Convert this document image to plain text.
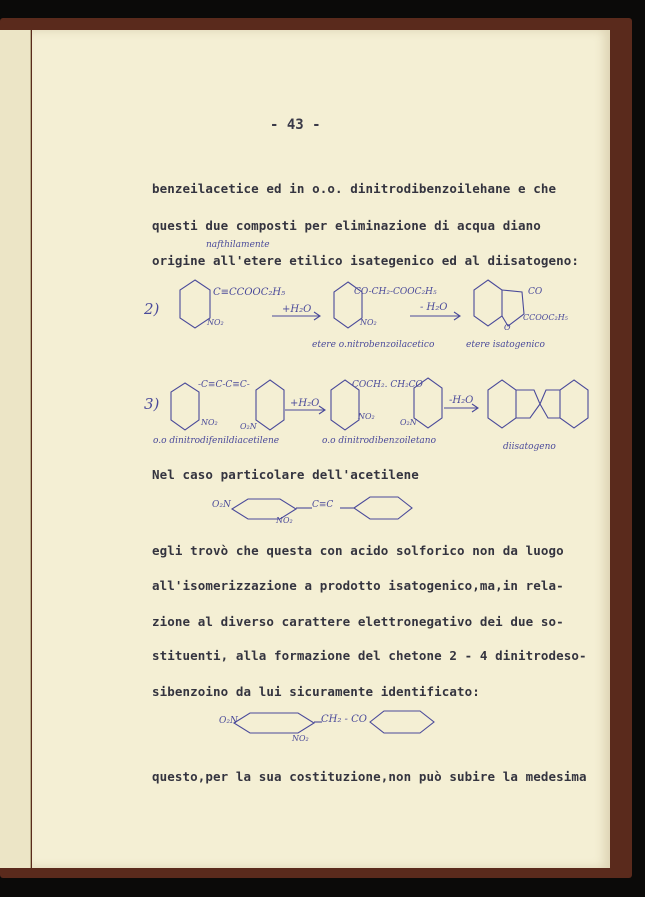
- 43 -
benzeilacetice ed in o.o. dinitrodibenzoilehane e che
questi due composti per eliminazione di acqua diano
nafthilamente
origine all'etere etilico isategenico ed al diisatogeno:
2)
C≡CCOOC₂H₅
NO₂
+H₂O
CO-CH₂-COOC₂H₅
NO₂
- H₂O
CO
CCOOC₂H₅
O
etere o.nitrobenzoilacetico	etere isatogenico
3)
-C≡C-C≡C-
NO₂	O₂N
+H₂O
COCH₂. CH₂CO
NO₂
O₂N
-H₂O
o.o dinitrodifenildiacetilene	o.o dinitrodibenzoiletano
diisatogeno
Nel caso particolare dell'acetilene
O₂N
NO₂
C≡C
egli trovò che questa con acido solforico non da luogo
all'isomerizzazione a prodotto isatogenico,ma,in rela-
zione al diverso carattere elettronegativo dei due so-
stituenti, alla formazione del chetone 2 - 4 dinitrodeso-
sibenzoino da lui sicuramente identificato:
O₂N
NO₂
CH₂ - CO
questo,per la sua costituzione,non può subire la medesima
